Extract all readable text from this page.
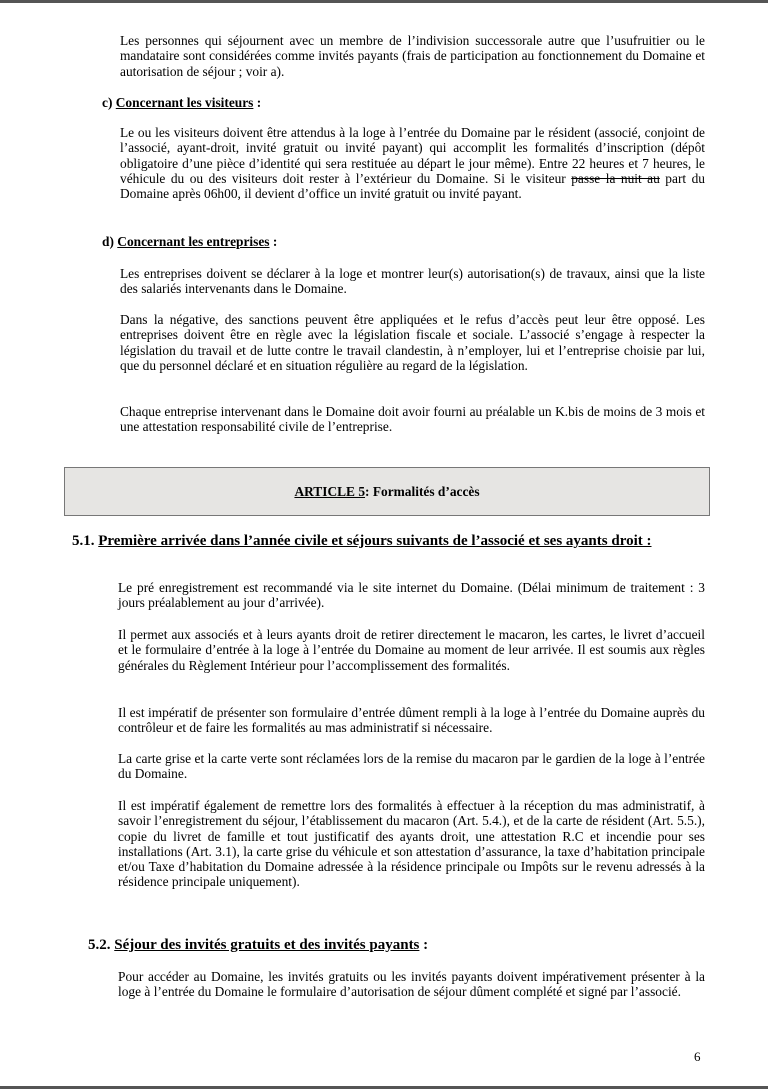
Les personnes qui séjournent avec un membre de l’indivision successorale autre que l’usufruitier ou le mandataire sont considérées comme invités payants (frais de participation au fonctionnement du Domaine et autorisation de séjour ; voir a).
c) Concernant les visiteurs :
Le ou les visiteurs doivent être attendus à la loge à l’entrée du Domaine par le résident (associé, conjoint de l’associé, ayant-droit, invité gratuit ou invité payant) qui accomplit les formalités d’inscription (dépôt obligatoire d’une pièce d’identité qui sera restituée au départ le jour même). Entre 22 heures et 7 heures, le véhicule du ou des visiteurs doit rester à l’extérieur du Domaine. Si le visiteur passe la nuit au part du Domaine après 06h00, il devient d’office un invité gratuit ou invité payant.
d) Concernant les entreprises :
Les entreprises doivent se déclarer à la loge et montrer leur(s) autorisation(s) de travaux, ainsi que la liste des salariés intervenants dans le Domaine.
Dans la négative, des sanctions peuvent être appliquées et le refus d’accès peut leur être opposé. Les entreprises doivent être en règle avec la législation fiscale et sociale. L’associé s’engage à respecter la législation du travail et de lutte contre le travail clandestin, à n’employer, lui et l’entreprise choisie par lui, que du personnel déclaré et en situation régulière au regard de la législation.
Chaque entreprise intervenant dans le Domaine doit avoir fourni au préalable un K.bis de moins de 3 mois et une attestation responsabilité civile de l’entreprise.
ARTICLE 5 : Formalités d’accès
5.1. Première arrivée dans l’année civile et séjours suivants de l’associé et ses ayants droit :
Le pré enregistrement est recommandé via le site internet du Domaine. (Délai minimum de traitement : 3 jours préalablement au jour d’arrivée).
Il permet aux associés et à leurs ayants droit de retirer directement le macaron, les cartes, le livret d’accueil et le formulaire d’entrée à la loge à l’entrée du Domaine au moment de leur arrivée. Il est soumis aux règles générales du Règlement Intérieur pour l’accomplissement des formalités.
Il est impératif de présenter son formulaire d’entrée dûment rempli à la loge à l’entrée du Domaine auprès du contrôleur et de faire les formalités au mas administratif si nécessaire.
La carte grise et la carte verte sont réclamées lors de la remise du macaron par le gardien de la loge à l’entrée du Domaine.
Il est impératif également de remettre lors des formalités à effectuer à la réception du mas administratif, à savoir l’enregistrement du séjour, l’établissement du macaron (Art. 5.4.), et de la carte de résident (Art. 5.5.), copie du livret de famille et tout justificatif des ayants droit, une attestation R.C et incendie pour ses installations (Art. 3.1), la carte grise du véhicule et son attestation d’assurance, la taxe d’habitation principale et/ou Taxe d’habitation du Domaine adressée à la résidence principale ou Impôts sur le revenu adressés à la résidence principale uniquement).
5.2. Séjour des invités gratuits et des invités payants :
Pour accéder au Domaine, les invités gratuits ou les invités payants doivent impérativement présenter à la loge à l’entrée du Domaine le formulaire d’autorisation de séjour dûment complété et signé par l’associé.
6
